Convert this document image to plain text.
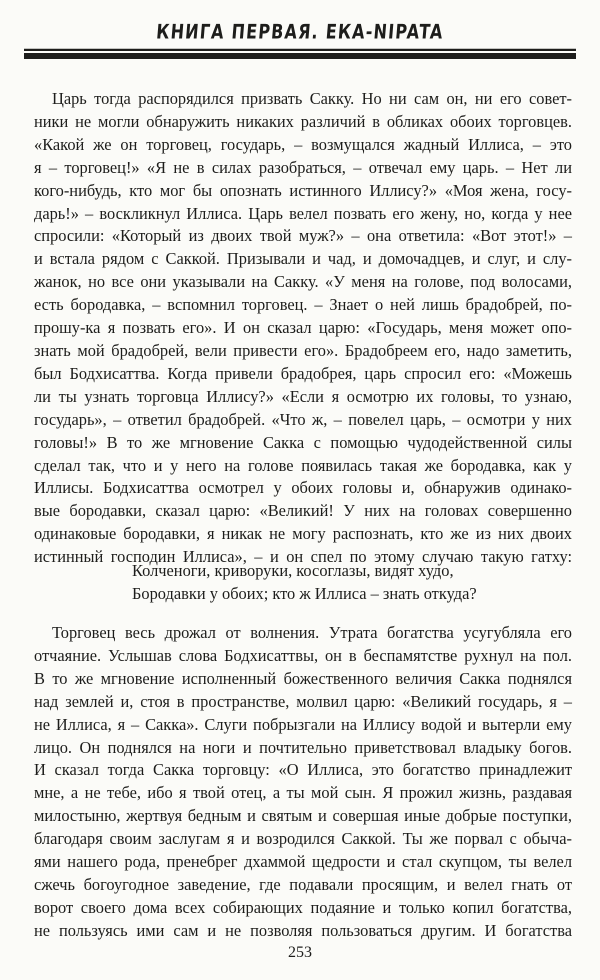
КНИГА ПЕРВАЯ. ЕКА-NIPATA
Царь тогда распорядился призвать Сакку. Но ни сам он, ни его совет-
ники не могли обнаружить никаких различий в обликах обоих торговцев.
«Какой же он торговец, государь, – возмущался жадный Иллиса, – это
я – торговец!» «Я не в силах разобраться, – отвечал ему царь. – Нет ли
кого-нибудь, кто мог бы опознать истинного Иллису?» «Моя жена, госу-
дарь!» – воскликнул Иллиса. Царь велел позвать его жену, но, когда у нее
спросили: «Который из двоих твой муж?» – она ответила: «Вот этот!» –
и встала рядом с Саккой. Призывали и чад, и домочадцев, и слуг, и слу-
жанок, но все они указывали на Сакку. «У меня на голове, под волосами,
есть бородавка, – вспомнил торговец. – Знает о ней лишь брадобрей, по-
прошу-ка я позвать его». И он сказал царю: «Государь, меня может опо-
знать мой брадобрей, вели привести его». Брадобреем его, надо заметить,
был Бодхисаттва. Когда привели брадобрея, царь спросил его: «Можешь
ли ты узнать торговца Иллису?» «Если я осмотрю их головы, то узнаю,
государь», – ответил брадобрей. «Что ж, – повелел царь, – осмотри у них
головы!» В то же мгновение Сакка с помощью чудодейственной силы
сделал так, что и у него на голове появилась такая же бородавка, как у
Иллисы. Бодхисаттва осмотрел у обоих головы и, обнаружив одинако-
вые бородавки, сказал царю: «Великий! У них на головах совершенно
одинаковые бородавки, я никак не могу распознать, кто же из них двоих
истинный господин Иллиса», – и он спел по этому случаю такую гатху:
Колченоги, криворуки, косоглазы, видят худо,
Бородавки у обоих; кто ж Иллиса – знать откуда?
Торговец весь дрожал от волнения. Утрата богатства усугубляла его
отчаяние. Услышав слова Бодхисаттвы, он в беспамятстве рухнул на пол.
В то же мгновение исполненный божественного величия Сакка поднялся
над землей и, стоя в пространстве, молвил царю: «Великий государь, я –
не Иллиса, я – Сакка». Слуги побрызгали на Иллису водой и вытерли ему
лицо. Он поднялся на ноги и почтительно приветствовал владыку богов.
И сказал тогда Сакка торговцу: «О Иллиса, это богатство принадлежит
мне, а не тебе, ибо я твой отец, а ты мой сын. Я прожил жизнь, раздавая
милостыню, жертвуя бедным и святым и совершая иные добрые поступки,
благодаря своим заслугам я и возродился Саккой. Ты же порвал с обыча-
ями нашего рода, пренебрег дхаммой щедрости и стал скупцом, ты велел
сжечь богоугодное заведение, где подавали просящим, и велел гнать от
ворот своего дома всех собирающих подаяние и только копил богатства,
не пользуясь ими сам и не позволяя пользоваться другим. И богатства
253
